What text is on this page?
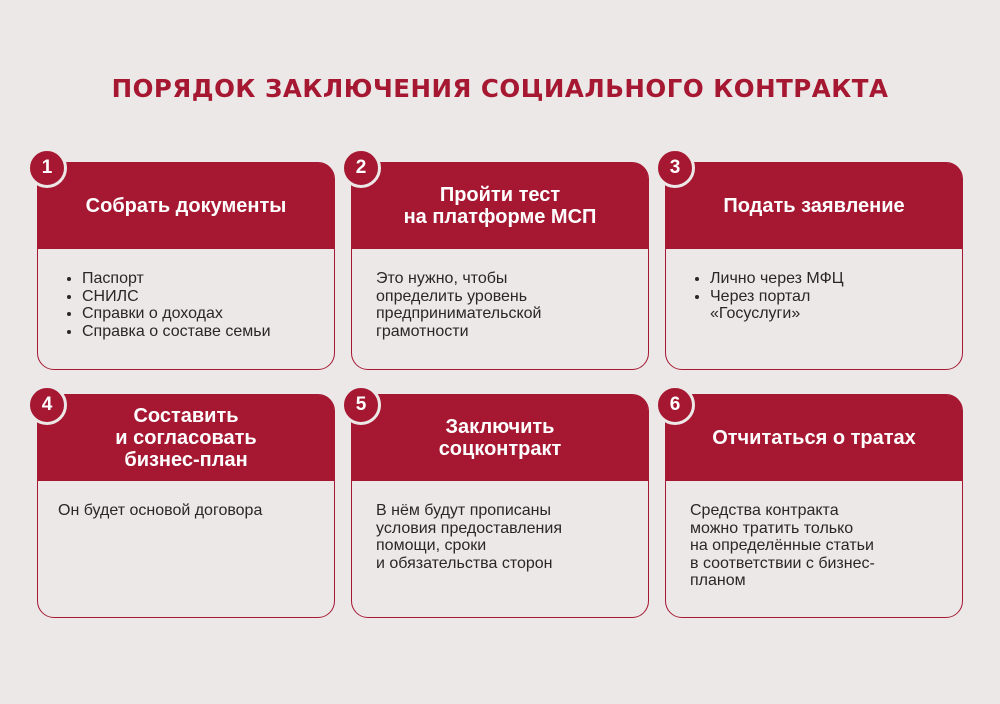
ПОРЯДОК ЗАКЛЮЧЕНИЯ СОЦИАЛЬНОГО КОНТРАКТА
Собрать документы
• Паспорт
• СНИЛС
• Справки о доходах
• Справка о составе семьи
1
Пройти тест
на платформе МСП
Это нужно, чтобы
определить уровень
предпринимательской
грамотности
2
Подать заявление
• Лично через МФЦ
• Через портал
«Госуслуги»
3
Составить
и согласовать
бизнес-план
Он будет основой договора
4
Заключить
соцконтракт
В нём будут прописаны
условия предоставления
помощи, сроки
и обязательства сторон
5
Отчитаться о тратах
Средства контракта
можно тратить только
на определённые статьи
в соответствии с бизнес-
планом
6
